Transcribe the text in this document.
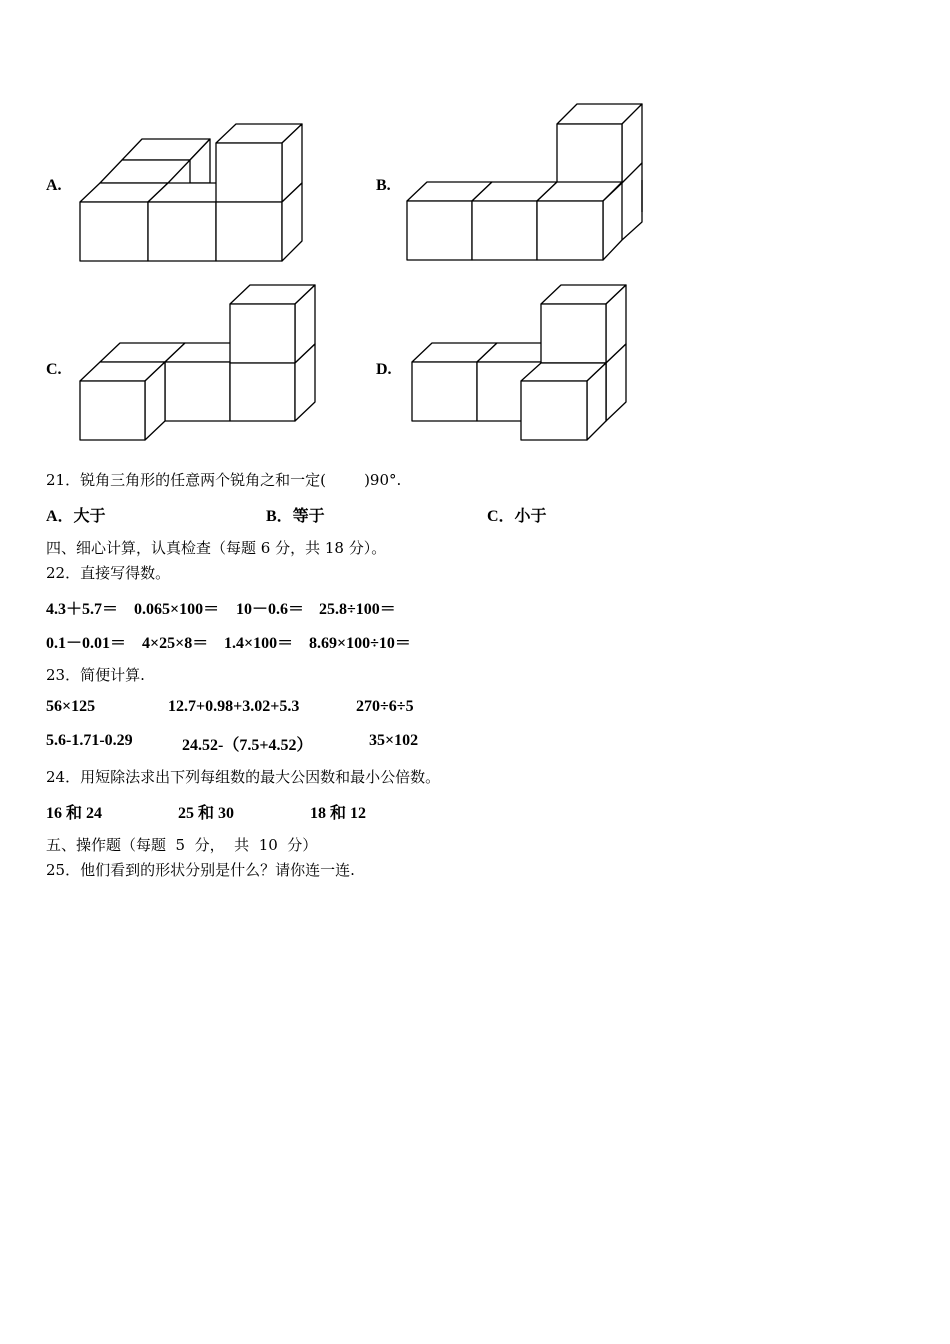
A.	B.
C.	D.
21．锐角三角形的任意两个锐角之和一定(        )90°.
A．大于	B．等于	C．小于
四、细心计算，认真检查（每题 6 分，共 18 分）。
22．直接写得数。
4.3＋5.7＝ 0.065×100＝ 10－0.6＝ 25.8÷100＝
0.1－0.01＝ 4×25×8＝ 1.4×100＝ 8.69×100÷10＝
23．简便计算.
56×125	12.7+0.98+3.02+5.3	270÷6÷5
5.6-1.71-0.29	24.52-（7.5+4.52）	35×102
24．用短除法求出下列每组数的最大公因数和最小公倍数。
16 和 24	25 和 30	18 和 12
五、操作题（每题  5  分，  共  10  分）
25．他们看到的形状分别是什么？请你连一连.
